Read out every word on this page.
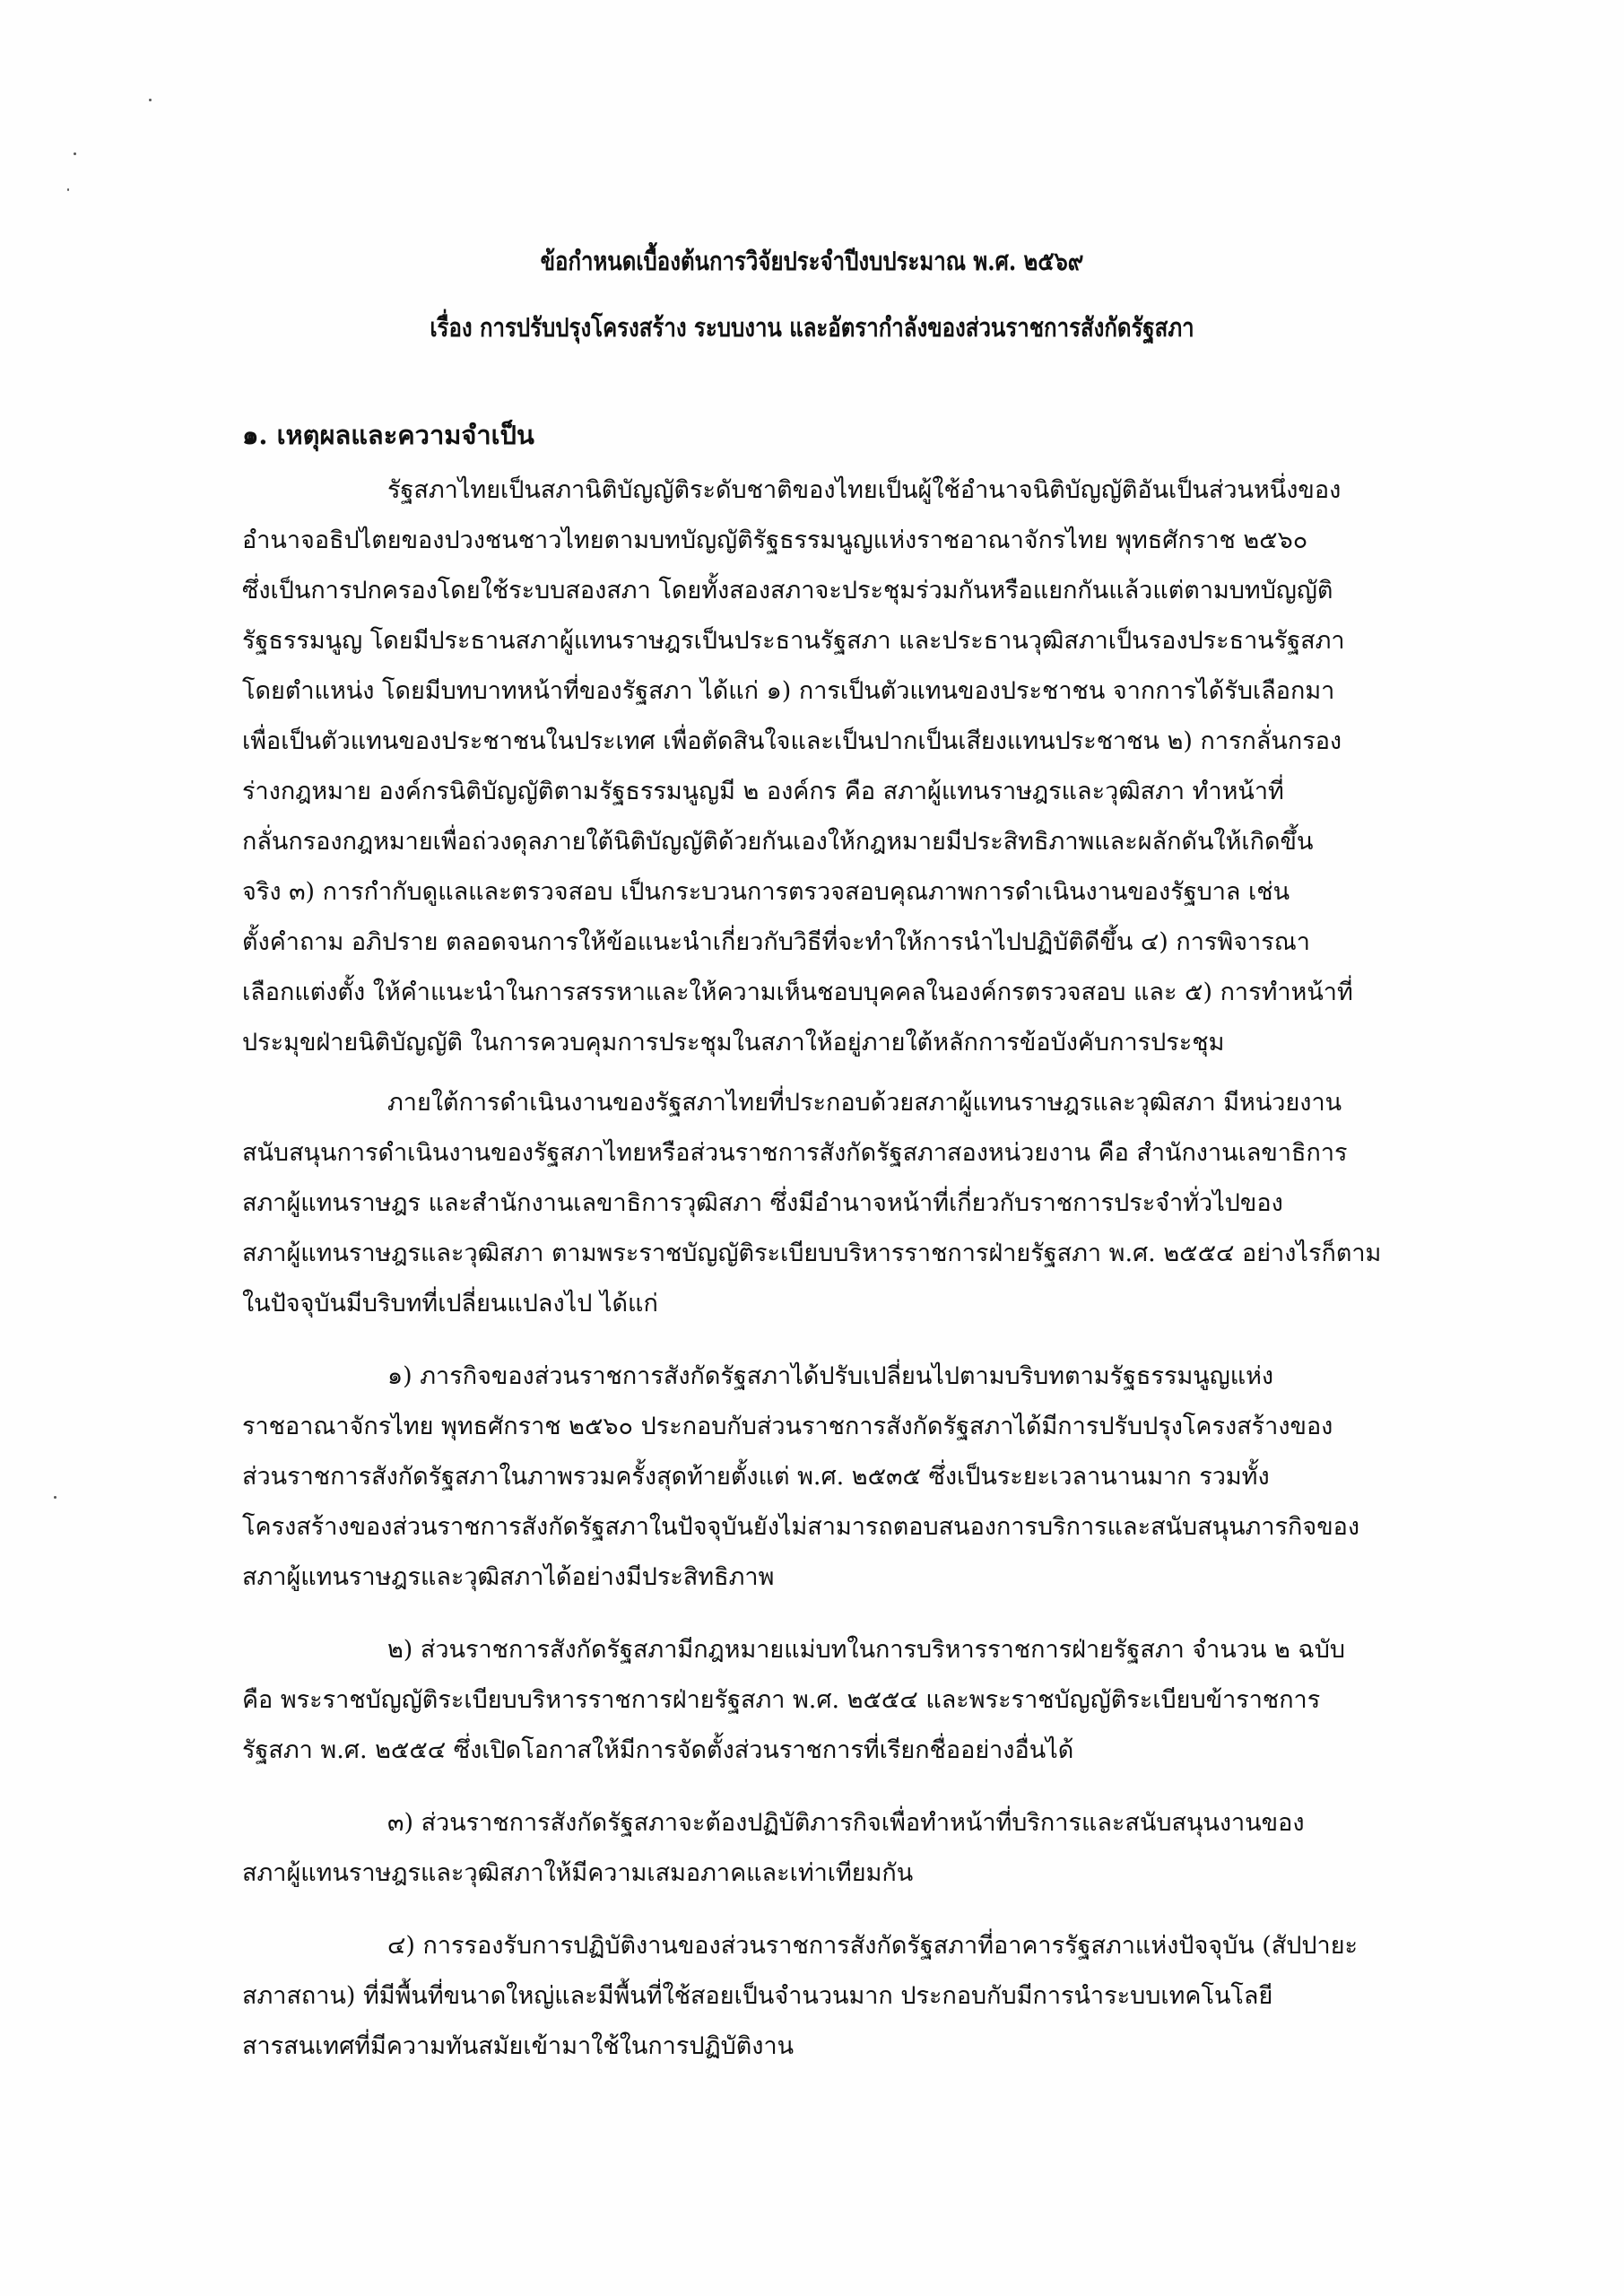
ข้อกำหนดเบื้องต้นการวิจัยประจำปีงบประมาณ พ.ศ. ๒๕๖๙
เรื่อง การปรับปรุงโครงสร้าง ระบบงาน และอัตรากำลังของส่วนราชการสังกัดรัฐสภา
๑. เหตุผลและความจำเป็น
รัฐสภาไทยเป็นสภานิติบัญญัติระดับชาติของไทยเป็นผู้ใช้อำนาจนิติบัญญัติอันเป็นส่วนหนึ่งของ
อำนาจอธิปไตยของปวงชนชาวไทยตามบทบัญญัติรัฐธรรมนูญแห่งราชอาณาจักรไทย พุทธศักราช ๒๕๖๐
ซึ่งเป็นการปกครองโดยใช้ระบบสองสภา โดยทั้งสองสภาจะประชุมร่วมกันหรือแยกกันแล้วแต่ตามบทบัญญัติ
รัฐธรรมนูญ โดยมีประธานสภาผู้แทนราษฎรเป็นประธานรัฐสภา และประธานวุฒิสภาเป็นรองประธานรัฐสภา
โดยตำแหน่ง โดยมีบทบาทหน้าที่ของรัฐสภา ได้แก่ ๑) การเป็นตัวแทนของประชาชน จากการได้รับเลือกมา
เพื่อเป็นตัวแทนของประชาชนในประเทศ เพื่อตัดสินใจและเป็นปากเป็นเสียงแทนประชาชน ๒) การกลั่นกรอง
ร่างกฎหมาย องค์กรนิติบัญญัติตามรัฐธรรมนูญมี ๒ องค์กร คือ สภาผู้แทนราษฎรและวุฒิสภา ทำหน้าที่
กลั่นกรองกฎหมายเพื่อถ่วงดุลภายใต้นิติบัญญัติด้วยกันเองให้กฎหมายมีประสิทธิภาพและผลักดันให้เกิดขึ้น
จริง ๓) การกำกับดูแลและตรวจสอบ เป็นกระบวนการตรวจสอบคุณภาพการดำเนินงานของรัฐบาล เช่น
ตั้งคำถาม อภิปราย ตลอดจนการให้ข้อแนะนำเกี่ยวกับวิธีที่จะทำให้การนำไปปฏิบัติดีขึ้น ๔) การพิจารณา
เลือกแต่งตั้ง ให้คำแนะนำในการสรรหาและให้ความเห็นชอบบุคคลในองค์กรตรวจสอบ และ ๕) การทำหน้าที่
ประมุขฝ่ายนิติบัญญัติ ในการควบคุมการประชุมในสภาให้อยู่ภายใต้หลักการข้อบังคับการประชุม
ภายใต้การดำเนินงานของรัฐสภาไทยที่ประกอบด้วยสภาผู้แทนราษฎรและวุฒิสภา มีหน่วยงาน
สนับสนุนการดำเนินงานของรัฐสภาไทยหรือส่วนราชการสังกัดรัฐสภาสองหน่วยงาน คือ สำนักงานเลขาธิการ
สภาผู้แทนราษฎร และสำนักงานเลขาธิการวุฒิสภา ซึ่งมีอำนาจหน้าที่เกี่ยวกับราชการประจำทั่วไปของ
สภาผู้แทนราษฎรและวุฒิสภา ตามพระราชบัญญัติระเบียบบริหารราชการฝ่ายรัฐสภา พ.ศ. ๒๕๕๔ อย่างไรก็ตาม
ในปัจจุบันมีบริบทที่เปลี่ยนแปลงไป ได้แก่
๑) ภารกิจของส่วนราชการสังกัดรัฐสภาได้ปรับเปลี่ยนไปตามบริบทตามรัฐธรรมนูญแห่ง
ราชอาณาจักรไทย พุทธศักราช ๒๕๖๐ ประกอบกับส่วนราชการสังกัดรัฐสภาได้มีการปรับปรุงโครงสร้างของ
ส่วนราชการสังกัดรัฐสภาในภาพรวมครั้งสุดท้ายตั้งแต่ พ.ศ. ๒๕๓๕ ซึ่งเป็นระยะเวลานานมาก รวมทั้ง
โครงสร้างของส่วนราชการสังกัดรัฐสภาในปัจจุบันยังไม่สามารถตอบสนองการบริการและสนับสนุนภารกิจของ
สภาผู้แทนราษฎรและวุฒิสภาได้อย่างมีประสิทธิภาพ
๒) ส่วนราชการสังกัดรัฐสภามีกฎหมายแม่บทในการบริหารราชการฝ่ายรัฐสภา จำนวน ๒ ฉบับ
คือ พระราชบัญญัติระเบียบบริหารราชการฝ่ายรัฐสภา พ.ศ. ๒๕๕๔ และพระราชบัญญัติระเบียบข้าราชการ
รัฐสภา พ.ศ. ๒๕๕๔ ซึ่งเปิดโอกาสให้มีการจัดตั้งส่วนราชการที่เรียกชื่ออย่างอื่นได้
๓) ส่วนราชการสังกัดรัฐสภาจะต้องปฏิบัติภารกิจเพื่อทำหน้าที่บริการและสนับสนุนงานของ
สภาผู้แทนราษฎรและวุฒิสภาให้มีความเสมอภาคและเท่าเทียมกัน
๔) การรองรับการปฏิบัติงานของส่วนราชการสังกัดรัฐสภาที่อาคารรัฐสภาแห่งปัจจุบัน (สัปปายะ
สภาสถาน) ที่มีพื้นที่ขนาดใหญ่และมีพื้นที่ใช้สอยเป็นจำนวนมาก ประกอบกับมีการนำระบบเทคโนโลยี
สารสนเทศที่มีความทันสมัยเข้ามาใช้ในการปฏิบัติงาน
